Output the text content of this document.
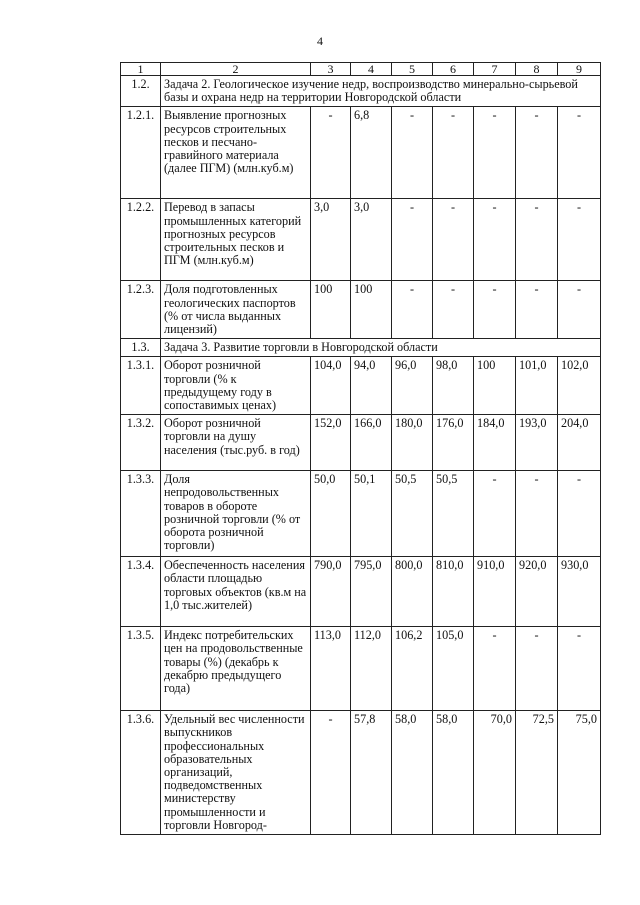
4
1	2	3	4	5	6	7	8	9
1.2.	Задача 2. Геологическое изучение недр, воспроизводство минерально-сырьевой базы и охрана недр на территории Новгородской области							
1.2.1.	Выявление прогнозных ресурсов строительных песков и песчано-гравийного материала (далее ПГМ) (млн.куб.м)	-	6,8	-	-	-	-	-
1.2.2.	Перевод в запасы промышленных категорий прогнозных ресурсов строительных песков и ПГМ (млн.куб.м)	3,0	3,0	-	-	-	-	-
1.2.3.	Доля подготовленных геологических паспортов (% от числа выданных лицензий)	100	100	-	-	-	-	-
1.3.	Задача 3. Развитие торговли в Новгородской области							
1.3.1.	Оборот розничной торговли (% к предыдущему году в сопоставимых ценах)	104,0	94,0	96,0	98,0	100	101,0	102,0
1.3.2.	Оборот розничной торговли на душу населения (тыс.руб. в год)	152,0	166,0	180,0	176,0	184,0	193,0	204,0
1.3.3.	Доля непродовольственных товаров в обороте розничной торговли (% от оборота розничной торговли)	50,0	50,1	50,5	50,5	-	-	-
1.3.4.	Обеспеченность населения области площадью торговых объектов (кв.м на 1,0 тыс.жителей)	790,0	795,0	800,0	810,0	910,0	920,0	930,0
1.3.5.	Индекс потребительских цен на продовольственные товары (%) (декабрь к декабрю предыдущего года)	113,0	112,0	106,2	105,0	-	-	-
1.3.6.	Удельный вес численности выпускников профессиональных образовательных организаций, подведомственных министерству промышленности и торговли Новгород-	-	57,8	58,0	58,0	70,0	72,5	75,0
